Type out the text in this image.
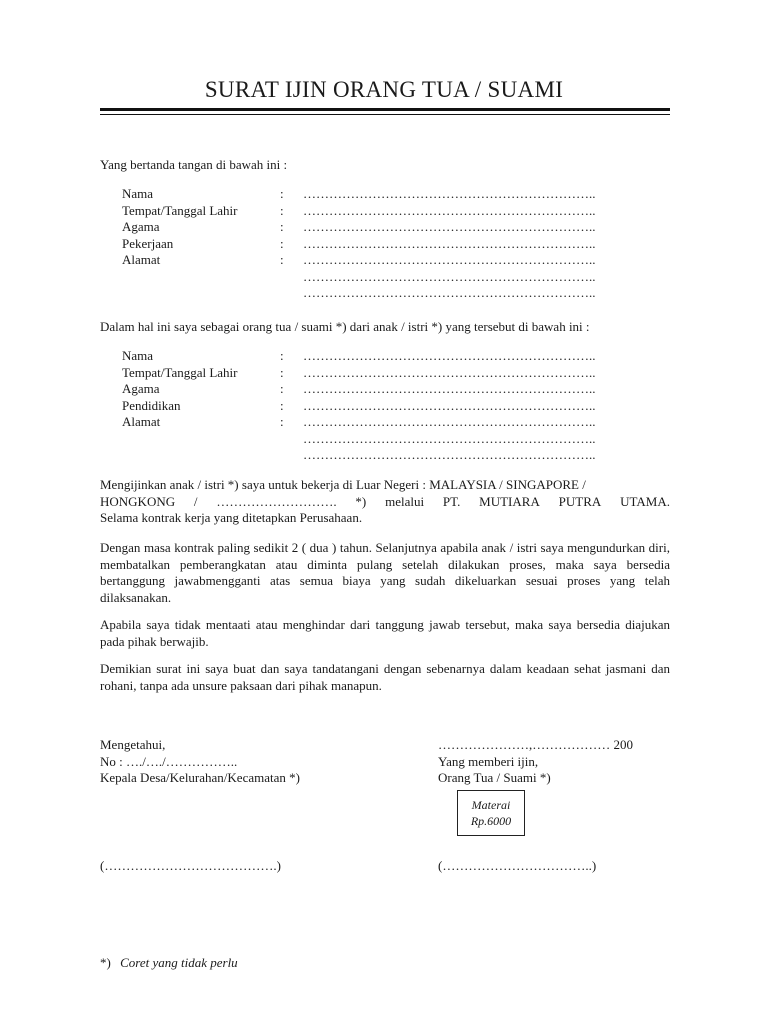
SURAT IJIN ORANG TUA / SUAMI
Yang bertanda tangan di bawah ini :
Nama	: …………………………………………………………..
Tempat/Tanggal Lahir	: …………………………………………………………..
Agama	: …………………………………………………………..
Pekerjaan	: …………………………………………………………..
Alamat	: …………………………………………………………..
…………………………………………………………..
…………………………………………………………..
Dalam hal ini saya sebagai orang tua / suami *) dari anak / istri *) yang tersebut di bawah ini :
Nama	: …………………………………………………………..
Tempat/Tanggal Lahir	: …………………………………………………………..
Agama	: …………………………………………………………..
Pendidikan	: …………………………………………………………..
Alamat	: …………………………………………………………..
…………………………………………………………..
…………………………………………………………..
Mengijinkan anak / istri *) saya untuk bekerja di Luar Negeri : MALAYSIA / SINGAPORE /
HONGKONG / ………………………. *) melalui PT. MUTIARA PUTRA UTAMA.
Selama kontrak kerja yang ditetapkan Perusahaan.
Dengan masa kontrak paling sedikit 2 ( dua ) tahun. Selanjutnya apabila anak / istri saya mengundurkan diri, membatalkan pemberangkatan atau diminta pulang setelah dilakukan proses, maka saya bersedia bertanggung jawabmengganti atas semua biaya yang sudah dikeluarkan sesuai proses yang telah dilaksanakan.
Apabila saya tidak mentaati atau menghindar dari tanggung jawab tersebut, maka saya bersedia diajukan pada pihak berwajib.
Demikian surat ini saya buat dan saya tandatangani dengan sebenarnya dalam keadaan sehat jasmani dan rohani, tanpa ada unsure paksaan dari pihak manapun.
Mengetahui,
No : …./…./……………..
Kepala Desa/Kelurahan/Kecamatan *)
…………………,……………… 200
Yang memberi ijin,
Orang Tua / Suami *)
Materai
Rp.6000
(………………………………….)	(……………………………..)
*) Coret yang tidak perlu
